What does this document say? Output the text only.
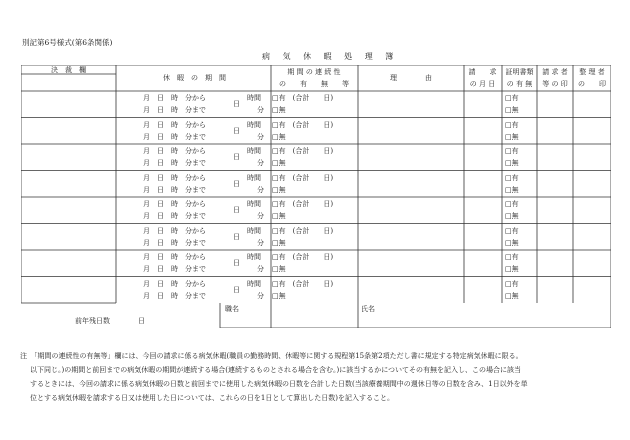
別記第6号様式(第6条関係)
病 気 休 暇 処 理 簿
決　裁　欄
休　暇　の　期　間
期 間 の 連 続 性
の　　有　　無　　等
理　　　　由
請　　求
の 月 日
証明書類
の 有 無
請 求 者
等 の 印
整 理 者
の　　印
月　日　時　分から
月　日　時　分まで
日
時間
分
□有　(合計　　日)
□無
□有
□無
月　日　時　分から
月　日　時　分まで
日
時間
分
□有　(合計　　日)
□無
□有
□無
月　日　時　分から
月　日　時　分まで
日
時間
分
□有　(合計　　日)
□無
□有
□無
月　日　時　分から
月　日　時　分まで
日
時間
分
□有　(合計　　日)
□無
□有
□無
月　日　時　分から
月　日　時　分まで
日
時間
分
□有　(合計　　日)
□無
□有
□無
月　日　時　分から
月　日　時　分まで
日
時間
分
□有　(合計　　日)
□無
□有
□無
月　日　時　分から
月　日　時　分まで
日
時間
分
□有　(合計　　日)
□無
□有
□無
月　日　時　分から
月　日　時　分まで
日
時間
分
□有　(合計　　日)
□無
□有
□無
職名	氏名
前年残日数　　　　日
注　「期間の連続性の有無等」欄には、今回の請求に係る病気休暇(職員の勤務時間、休暇等に関する規程第15条第2項ただし書に規定する特定病気休暇に限る。
以下同じ。)の期間と前回までの病気休暇の期間が連続する場合(連続するものとされる場合を含む。)に該当するかについてその有無を記入し、この場合に該当
するときには、今回の請求に係る病気休暇の日数と前回までに使用した病気休暇の日数を合計した日数(当該療養期間中の週休日等の日数を含み、1日以外を単
位とする病気休暇を請求する日又は使用した日については、これらの日を1日として算出した日数)を記入すること。
